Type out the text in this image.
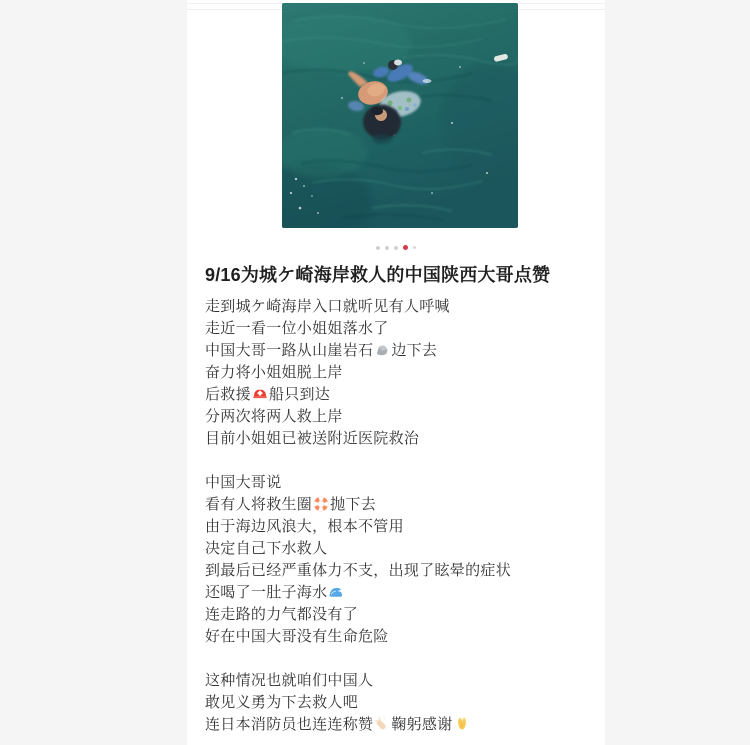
9/16为城ケ崎海岸救人的中国陕西大哥点赞
走到城ケ崎海岸入口就听见有人呼喊
走近一看一位小姐姐落水了
中国大哥一路从山崖岩石 边下去
奋力将小姐姐脱上岸
后救援 船只到达
分两次将两人救上岸
目前小姐姐已被送附近医院救治
中国大哥说
看有人将救生圈 抛下去
由于海边风浪大，根本不管用
决定自己下水救人
到最后已经严重体力不支，出现了眩晕的症状
还喝了一肚子海水
连走路的力气都没有了
好在中国大哥没有生命危险
这种情况也就咱们中国人
敢见义勇为下去救人吧
连日本消防员也连连称赞 鞠躬感谢
